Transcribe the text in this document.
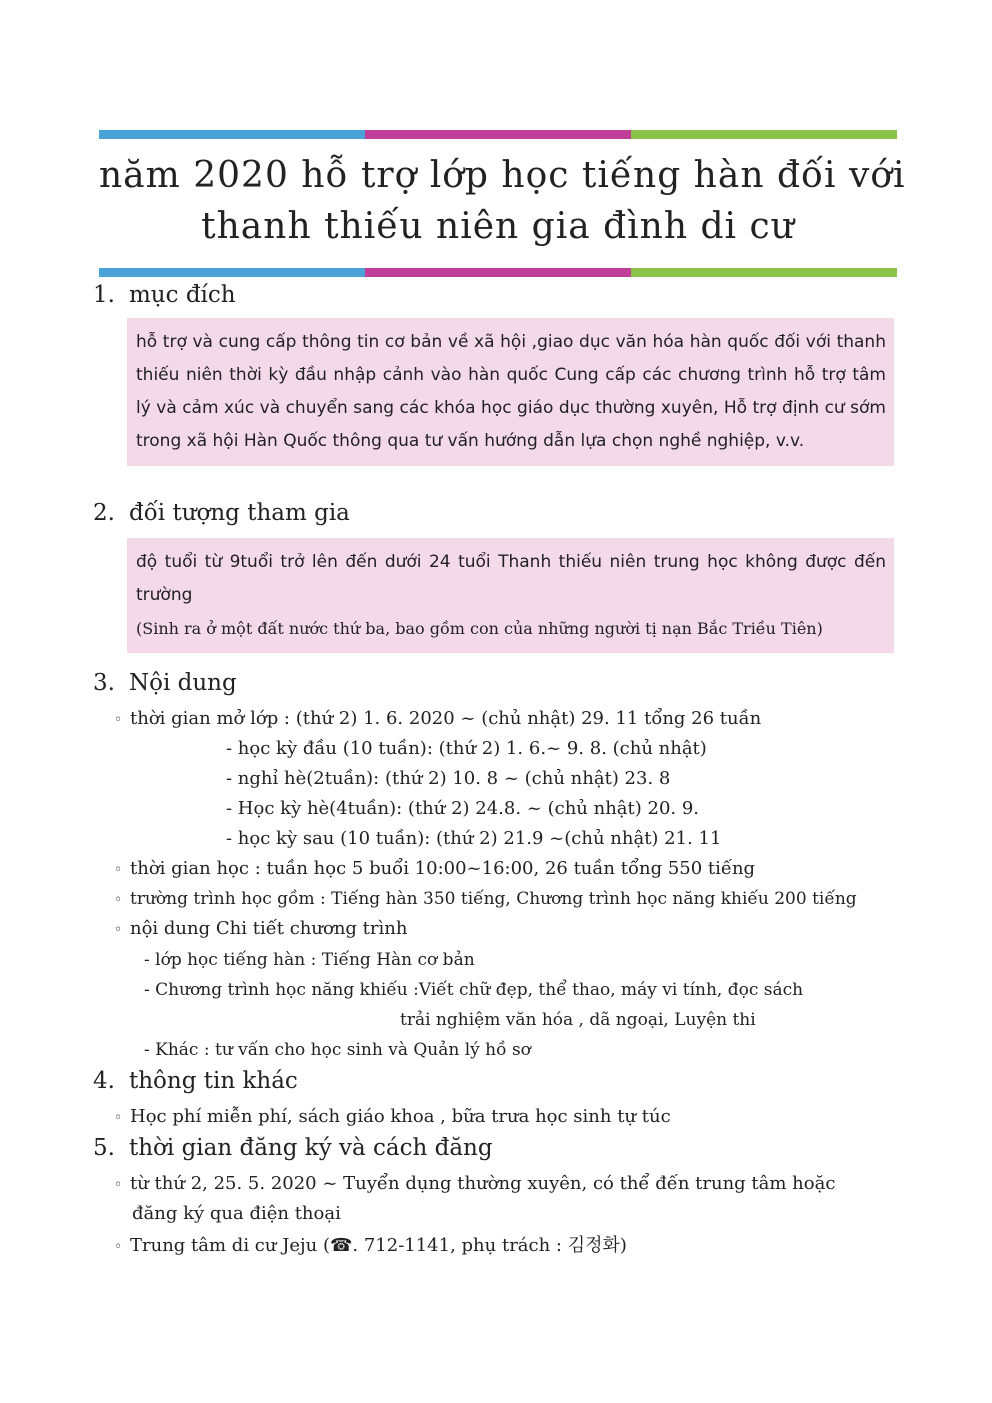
năm 2020 hỗ trợ lớp học tiếng hàn đối với
thanh thiếu niên gia đình di cư
1. mục đích

hỗ trợ và cung cấp thông tin cơ bản về xã hội ,giao dục văn hóa hàn quốc đối với thanh thiếu niên thời kỳ đầu nhập cảnh vào hàn quốc Cung cấp các chương trình hỗ trợ tâm lý và cảm xúc và chuyển sang các khóa học giáo dục thường xuyên, Hỗ trợ định cư sớm trong xã hội Hàn Quốc thông qua tư vấn hướng dẫn lựa chọn nghề nghiệp, v.v.

2. đối tượng tham gia

độ tuổi từ 9tuổi trở lên đến dưới 24 tuổi Thanh thiếu niên trung học không được đến trường

(Sinh ra ở một đất nước thứ ba, bao gồm con của những người tị nạn Bắc Triều Tiên)

3. Nội dung
◦ thời gian mở lớp : (thứ 2) 1. 6. 2020 ~ (chủ nhật) 29. 11 tổng 26 tuần
- học kỳ đầu (10 tuần): (thứ 2) 1. 6.~ 9. 8. (chủ nhật)
- nghỉ hè(2tuần): (thứ 2) 10. 8 ~ (chủ nhật) 23. 8
- Học kỳ hè(4tuần): (thứ 2) 24.8. ~ (chủ nhật) 20. 9.
- học kỳ sau (10 tuần): (thứ 2) 21.9 ~(chủ nhật) 21. 11
◦ thời gian học : tuần học 5 buổi 10:00~16:00, 26 tuần tổng 550 tiếng
◦ trường trình học gồm : Tiếng hàn 350 tiếng, Chương trình học năng khiếu 200 tiếng
◦ nội dung Chi tiết chương trình
- lớp học tiếng hàn : Tiếng Hàn cơ bản
- Chương trình học năng khiếu :Viết chữ đẹp, thể thao, máy vi tính, đọc sách
trải nghiệm văn hóa , dã ngoại, Luyện thi
- Khác : tư vấn cho học sinh và Quản lý hồ sơ
4. thông tin khác
◦ Học phí miễn phí, sách giáo khoa , bữa trưa học sinh tự túc
5. thời gian đăng ký và cách đăng
◦ từ thứ 2, 25. 5. 2020 ~ Tuyển dụng thường xuyên, có thể đến trung tâm hoặc
đăng ký qua điện thoại
◦ Trung tâm di cư Jeju (☎. 712-1141, phụ trách : 김정화)
